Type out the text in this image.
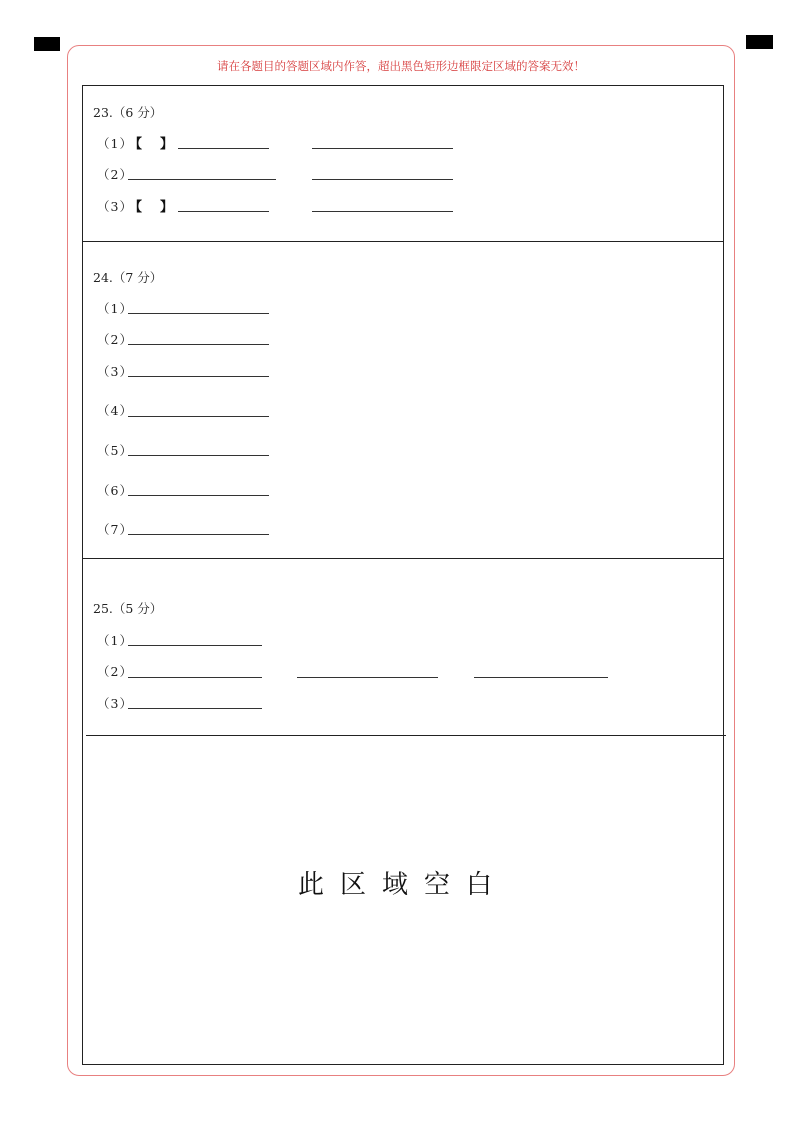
请在各题目的答题区域内作答，超出黑色矩形边框限定区域的答案无效！
23.（6 分）
（1）
【 】
（2）
（3）
【 】
24.（7 分）
（1）
（2）
（3）
（4）
（5）
（6）
（7）
25.（5 分）
（1）
（2）
（3）
此区域空白
